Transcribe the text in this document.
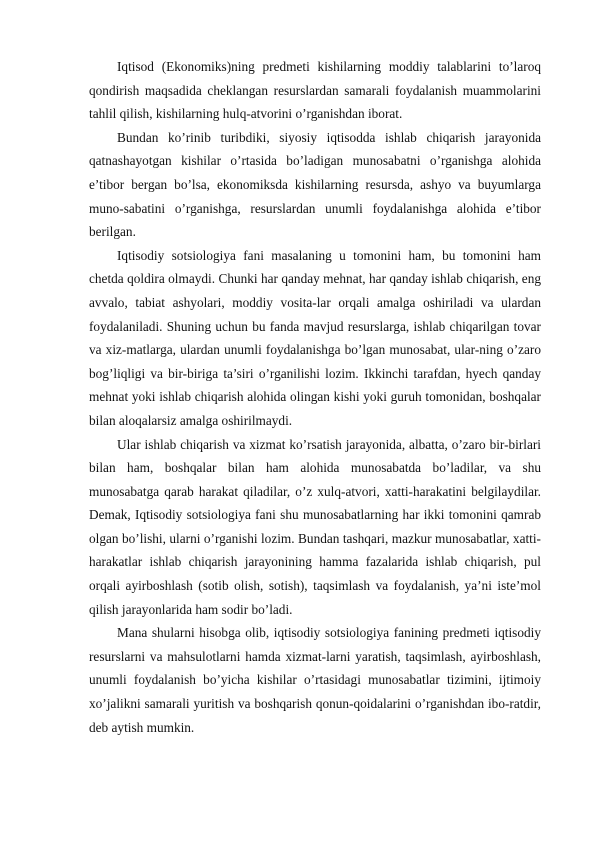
Iqtisod (Ekonomiks)ning predmeti kishilarning moddiy talablarini to’laroq qondirish maqsadida cheklangan resurslardan samarali foydalanish muammolarini tahlil qilish, kishilarning hulq-atvorini o’rganishdan iborat.

Bundan ko’rinib turibdiki, siyosiy iqtisodda ishlab chiqarish jarayonida qatnashayotgan kishilar o’rtasida bo’ladigan munosabatni o’rganishga alohida e’tibor bergan bo’lsa, ekonomiksda kishilarning resursda, ashyo va buyumlarga muno-sabatini o’rganishga, resurslardan unumli foydalanishga alohida e’tibor berilgan.

Iqtisodiy sotsiologiya fani masalaning u tomonini ham, bu tomonini ham chetda qoldira olmaydi. Chunki har qanday mehnat, har qanday ishlab chiqarish, eng avvalo, tabiat ashyolari, moddiy vosita-lar orqali amalga oshiriladi va ulardan foydalaniladi. Shuning uchun bu fanda mavjud resurslarga, ishlab chiqarilgan tovar va xiz-matlarga, ulardan unumli foydalanishga bo’lgan munosabat, ular-ning o’zaro bog’liqligi va bir-biriga ta’siri o’rganilishi lozim. Ikkinchi tarafdan, hyech qanday mehnat yoki ishlab chiqarish alohida olingan kishi yoki guruh tomonidan, boshqalar bilan aloqalarsiz amalga oshirilmaydi.

Ular ishlab chiqarish va xizmat ko’rsatish jarayonida, albatta, o’zaro bir-birlari bilan ham, boshqalar bilan ham alohida munosabatda bo’ladilar, va shu munosabatga qarab harakat qiladilar, o’z xulq-atvori, xatti-harakatini belgilaydilar. Demak, Iqtisodiy sotsiologiya fani shu munosabatlarning har ikki tomonini qamrab olgan bo’lishi, ularni o’rganishi lozim. Bundan tashqari, mazkur munosabatlar, xatti-harakatlar ishlab chiqarish jarayonining hamma fazalarida ishlab chiqarish, pul orqali ayirboshlash (sotib olish, sotish), taqsimlash va foydalanish, ya’ni iste’mol qilish jarayonlarida ham sodir bo’ladi.

Mana shularni hisobga olib, iqtisodiy sotsiologiya fanining predmeti iqtisodiy resurslarni va mahsulotlarni hamda xizmat-larni yaratish, taqsimlash, ayirboshlash, unumli foydalanish bo’yicha kishilar o’rtasidagi munosabatlar tizimini, ijtimoiy xo’jalikni samarali yuritish va boshqarish qonun-qoidalarini o’rganishdan ibo-ratdir, deb aytish mumkin.
